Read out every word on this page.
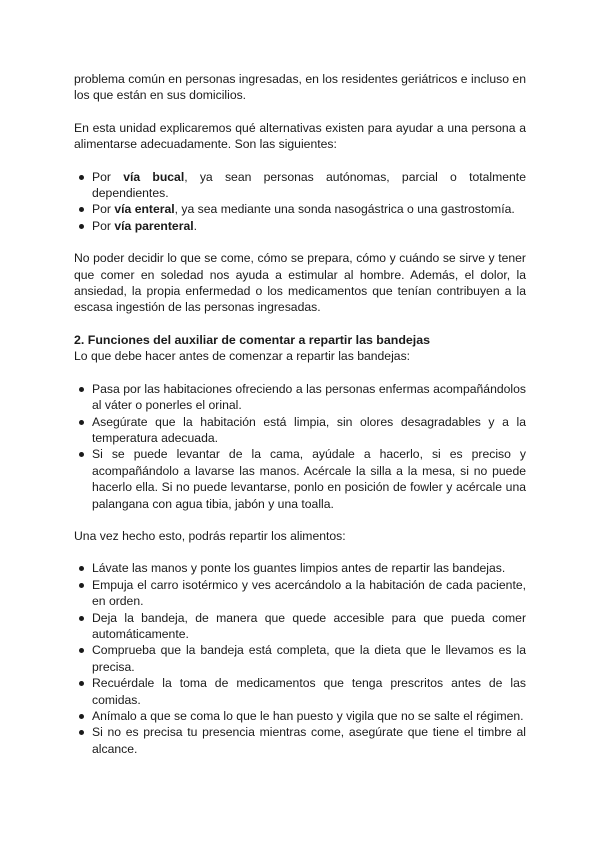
problema común en personas ingresadas, en los residentes geriátricos e incluso en los que están en sus domicilios.

En esta unidad explicaremos qué alternativas existen para ayudar a una persona a alimentarse adecuadamente. Son las siguientes:

Por vía bucal, ya sean personas autónomas, parcial o totalmente dependientes.
Por vía enteral, ya sea mediante una sonda nasogástrica o una gastrostomía.
Por vía parenteral.

No poder decidir lo que se come, cómo se prepara, cómo y cuándo se sirve y tener que comer en soledad nos ayuda a estimular al hombre. Además, el dolor, la ansiedad, la propia enfermedad o los medicamentos que tenían contribuyen a la escasa ingestión de las personas ingresadas.

2. Funciones del auxiliar de comentar a repartir las bandejas

Lo que debe hacer antes de comenzar a repartir las bandejas:

Pasa por las habitaciones ofreciendo a las personas enfermas acompañándolos al váter o ponerles el orinal.
Asegúrate que la habitación está limpia, sin olores desagradables y a la temperatura adecuada.
Si se puede levantar de la cama, ayúdale a hacerlo, si es preciso y acompañándolo a lavarse las manos. Acércale la silla a la mesa, si no puede hacerlo ella. Si no puede levantarse, ponlo en posición de fowler y acércale una palangana con agua tibia, jabón y una toalla.

Una vez hecho esto, podrás repartir los alimentos:

Lávate las manos y ponte los guantes limpios antes de repartir las bandejas.
Empuja el carro isotérmico y ves acercándolo a la habitación de cada paciente, en orden.
Deja la bandeja, de manera que quede accesible para que pueda comer automáticamente.
Comprueba que la bandeja está completa, que la dieta que le llevamos es la precisa.
Recuérdale la toma de medicamentos que tenga prescritos antes de las comidas.
Anímalo a que se coma lo que le han puesto y vigila que no se salte el régimen.
Si no es precisa tu presencia mientras come, asegúrate que tiene el timbre al alcance.
